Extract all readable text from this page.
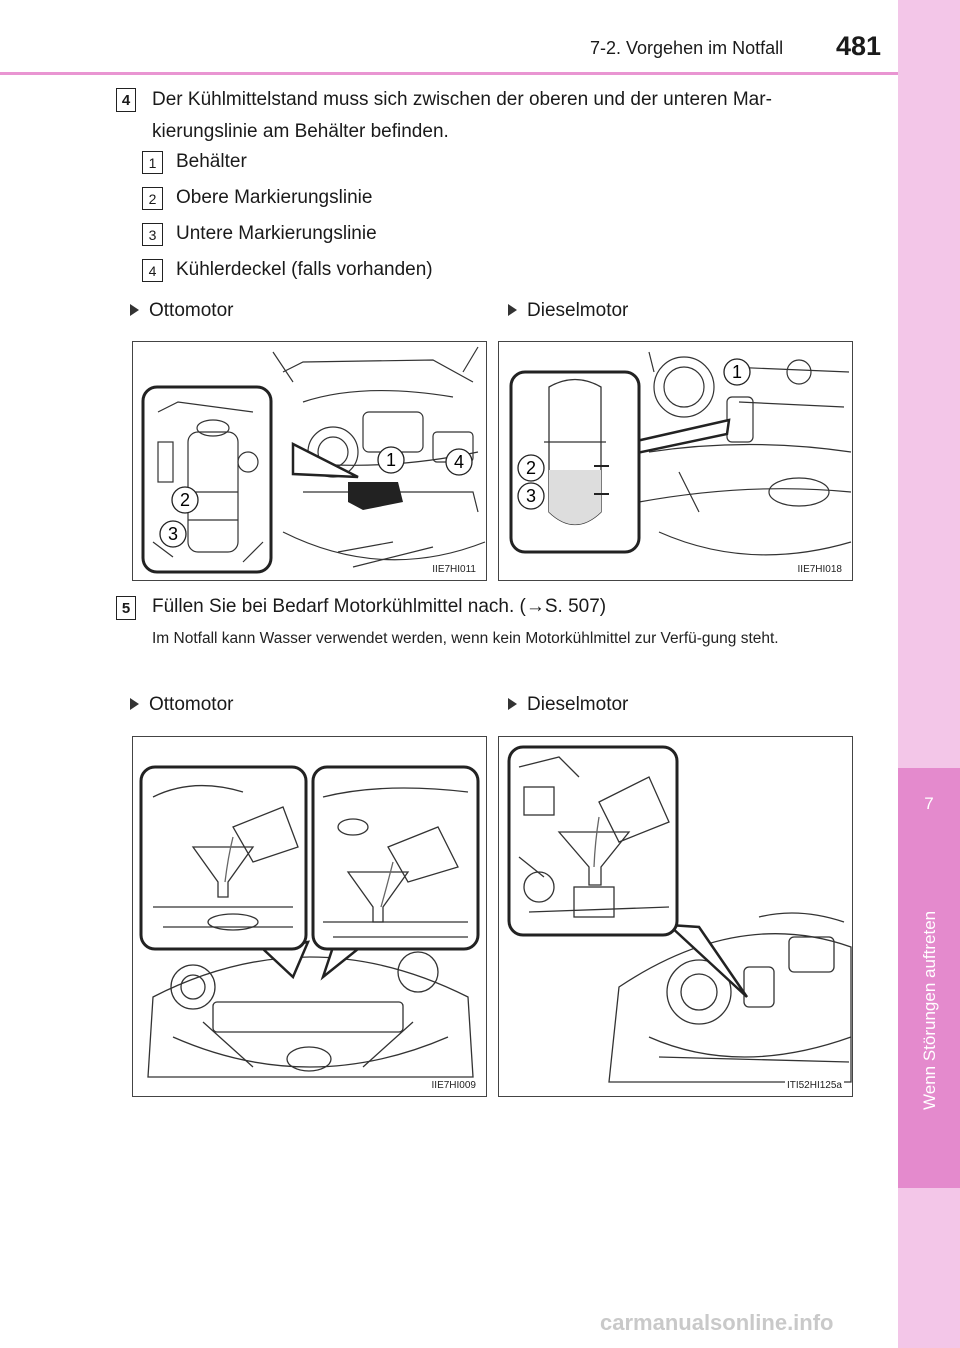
7-2. Vorgehen im Notfall 481
7
Wenn Störungen auftreten
4	Der Kühlmittelstand muss sich zwischen der oberen und der unteren Mar-kierungslinie am Behälter befinden.
1	Behälter
2	Obere Markierungslinie
3	Untere Markierungslinie
4	Kühlerdeckel (falls vorhanden)
Ottomotor	Dieselmotor
2
3
1	4
IIE7HI011
1
2
3
IIE7HI018
5	Füllen Sie bei Bedarf Motorkühlmittel nach. (→S. 507)
Im Notfall kann Wasser verwendet werden, wenn kein Motorkühlmittel zur Verfü-gung steht.
Ottomotor	Dieselmotor
IIE7HI009	ITI52HI125a
carmanualsonline.info
